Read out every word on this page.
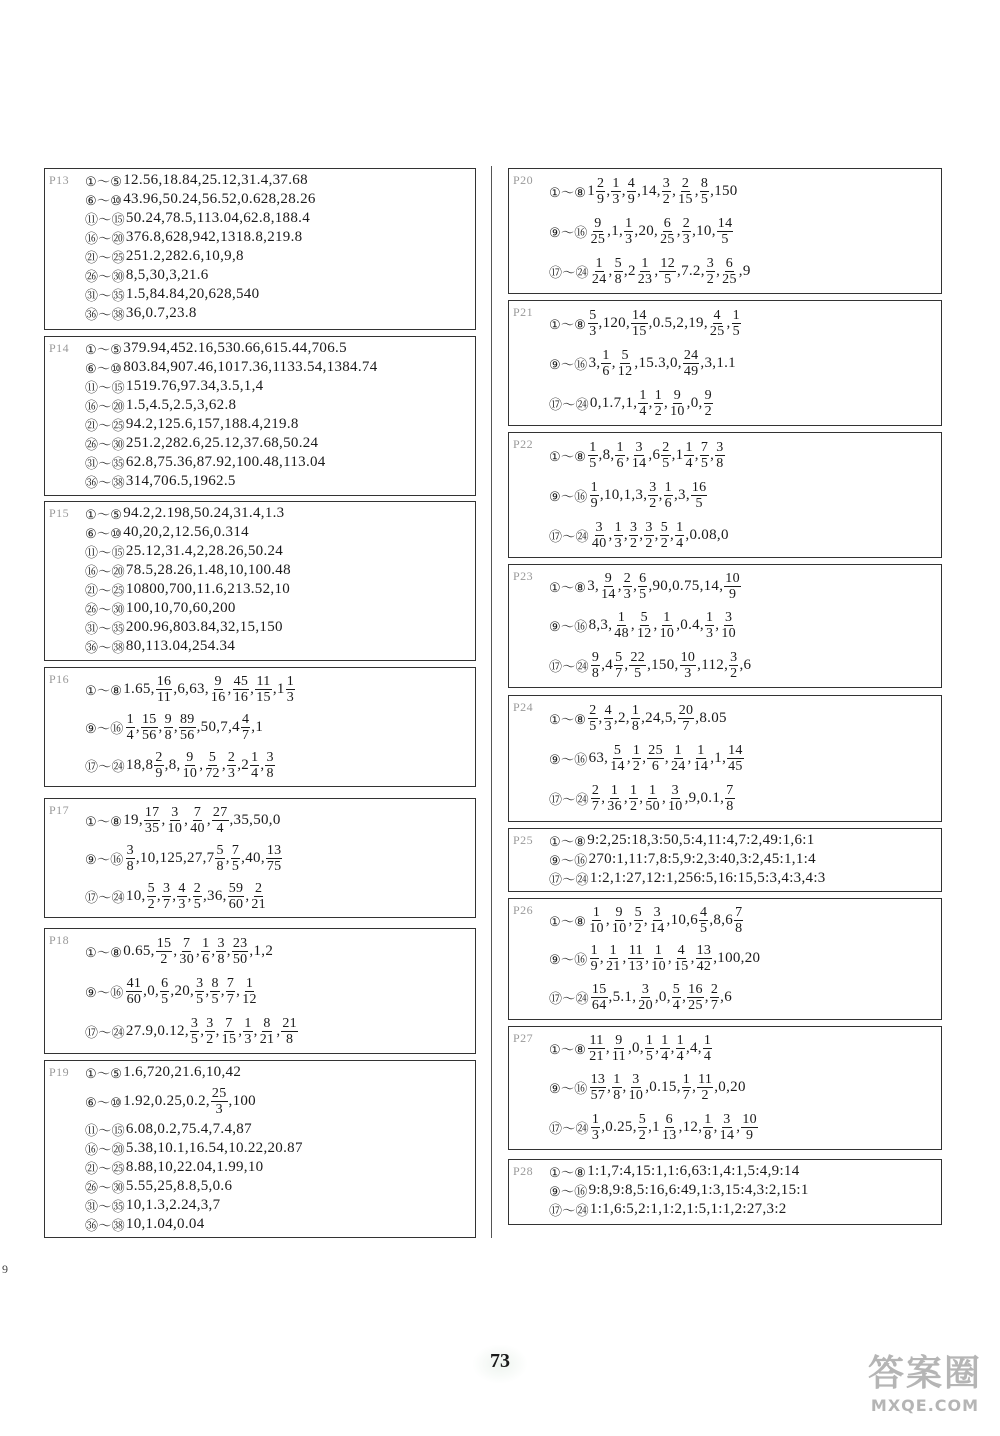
P13 ①～⑤ 12.56,18.84,25.12,31.4,37.68
⑥～⑩ 43.96,50.24,56.52,0.628,28.26
⑪～⑮ 50.24,78.5,113.04,62.8,188.4
⑯～⑳ 376.8,628,942,1318.8,219.8
㉑～㉕ 251.2,282.6,10,9,8
㉖～㉚ 8,5,30,3,21.6
㉛～㉟ 1.5,84.84,20,628,540
㊱～㊳ 36,0.7,23.8
P14 ①～⑤ 379.94,452.16,530.66,615.44,706.5
⑥～⑩ 803.84,907.46,1017.36,1133.54,1384.74
⑪～⑮ 1519.76,97.34,3.5,1,4
⑯～⑳ 1.5,4.5,2.5,3,62.8
㉑～㉕ 94.2,125.6,157,188.4,219.8
㉖～㉚ 251.2,282.6,25.12,37.68,50.24
㉛～㉟ 62.8,75.36,87.92,100.48,113.04
㊱～㊳ 314,706.5,1962.5
P15 ①～⑤ 94.2,2.198,50.24,31.4,1.3
⑥～⑩ 40,20,2,12.56,0.314
⑪～⑮ 25.12,31.4,2,28.26,50.24
⑯～⑳ 78.5,28.26,1.48,10,100.48
㉑～㉕ 10800,700,11.6,213.52,10
㉖～㉚ 100,10,70,60,200
㉛～㉟ 200.96,803.84,32,15,150
㊱～㊳ 80,113.04,254.34
P16
①～⑧ 1.65, $\frac{16}{11} ,6,63$, $\frac{9}{16}$ , $\frac{45}{16}$ , $\frac{11}{15} ,1 \frac{1}{3}$
⑨～⑯ $\frac{1}{4}$ , $\frac{15}{56}$ , $\frac{9}{8}$ , $\frac{89}{56} ,50,7,4 \frac{4}{7} ,1$
⑰～㉔ $18,8 \frac{2}{9} ,8$, $\frac{9}{10}$ , $\frac{5}{72}$ , $\frac{2}{3} ,2 \frac{1}{4}$ , $\frac{3}{8}$
P17
①～⑧ 19, $\frac{17}{35}$ , $\frac{3}{10}$ , $\frac{7}{40}$ , $\frac{27}{4} ,35,50,0$
⑨～⑯ $\frac{3}{8} ,10,125,27,7 \frac{5}{8}$ , $\frac{7}{5} ,40$, $\frac{13}{75}$
⑰～㉔ 10, $\frac{5}{2}$ , $\frac{3}{7}$ , $\frac{4}{3}$ , $\frac{2}{5} ,36$, $\frac{59}{60}$ , $\frac{2}{21}$
P18
①～⑧ 0.65, $\frac{15}{2}$ , $\frac{7}{30}$ , $\frac{1}{6}$ , $\frac{3}{8}$ , $\frac{23}{50} ,1,2$
⑨～⑯ $\frac{41}{60} ,0$, $\frac{6}{5} ,20$, $\frac{3}{5}$ , $\frac{8}{5}$ , $\frac{7}{7}$ , $\frac{1}{12}$
⑰～㉔ 27.9,0.12, $\frac{3}{5}$ , $\frac{3}{2}$ , $\frac{7}{15}$ , $\frac{1}{3}$ , $\frac{8}{21}$ , $\frac{21}{8}$
P19 ①～⑤ 1.6,720,21.6,10,42
⑥～⑩ 1.92,0.25,0.2, $\frac{25}{3} ,100$
⑪～⑮ 6.08,0.2,75.4,7.4,87
⑯～⑳ 5.38,10.1,16.54,10.22,20.87
㉑～㉕ 8.88,10,22.04,1.99,10
㉖～㉚ 5.55,25,8.8,5,0.6
㉛～㉟ 10,1.3,2.24,3,7
㊱～㊳ 10,1.04,0.04
P20
①～⑧ $1 \frac{2}{9}$ , $\frac{1}{3}$ , $\frac{4}{9} ,14$, $\frac{3}{2}$ , $\frac{2}{15}$ , $\frac{8}{5} ,150$
⑨～⑯ $\frac{9}{25} ,1$, $\frac{1}{3} ,20$, $\frac{6}{25}$ , $\frac{2}{3} ,10$, $\frac{14}{5}$
⑰～㉔ $\frac{1}{24}$ , $\frac{5}{8} ,2 \frac{1}{23}$ , $\frac{12}{5} ,7.2$, $\frac{3}{2}$ , $\frac{6}{25} ,9$
P21
①～⑧ $\frac{5}{3} ,120$, $\frac{14}{15} ,0.5,2,19$, $\frac{4}{25}$ , $\frac{1}{5}$
⑨～⑯ 3, $\frac{1}{6}$ , $\frac{5}{12} ,15.3,0$, $\frac{24}{49} ,3,1.1$
⑰～㉔ 0,1.7,1, $\frac{1}{4}$ , $\frac{1}{2}$ , $\frac{9}{10} ,0$, $\frac{9}{2}$
P22
①～⑧ $\frac{1}{5} ,8$, $\frac{1}{6}$ , $\frac{3}{14} ,6 \frac{2}{5} ,1 \frac{1}{4}$ , $\frac{7}{5}$ , $\frac{3}{8}$
⑨～⑯ $\frac{1}{9} ,10,1,3$, $\frac{3}{2}$ , $\frac{1}{6} ,3$, $\frac{16}{5}$
⑰～㉔ $\frac{3}{40}$ , $\frac{1}{3}$ , $\frac{3}{2}$ , $\frac{3}{2}$ , $\frac{5}{2}$ , $\frac{1}{4} ,0.08,0$
P23
①～⑧ 3, $\frac{9}{14}$ , $\frac{2}{3}$ , $\frac{6}{5} ,90,0.75,14$, $\frac{10}{9}$
⑨～⑯ 8,3, $\frac{1}{48}$ , $\frac{5}{12}$ , $\frac{1}{10} ,0.4$, $\frac{1}{3}$ , $\frac{3}{10}$
⑰～㉔ $\frac{9}{8} ,4 \frac{5}{7}$ , $\frac{22}{5} ,150$, $\frac{10}{3} ,112$, $\frac{3}{2} ,6$
P24
①～⑧ $\frac{2}{5}$ , $\frac{4}{3} ,2$, $\frac{1}{8} ,24,5$, $\frac{20}{7} ,8.05$
⑨～⑯ 63, $\frac{5}{14}$ , $\frac{1}{2}$ , $\frac{25}{6}$ , $\frac{1}{24}$ , $\frac{1}{14} ,1$, $\frac{14}{45}$
⑰～㉔ $\frac{2}{7}$ , $\frac{1}{36}$ , $\frac{1}{2}$ , $\frac{1}{50}$ , $\frac{3}{10} ,9,0.1$, $\frac{7}{8}$
P25 ①～⑧ 9:2,25:18,3:50,5:4,11:4,7:2,49:1,6:1
⑨～⑯ 270:1,11:7,8:5,9:2,3:40,3:2,45:1,1:4
⑰～㉔ 1:2,1:27,12:1,256:5,16:15,5:3,4:3,4:3
P26
①～⑧ $\frac{1}{10}$ , $\frac{9}{10}$ , $\frac{5}{2}$ , $\frac{3}{14} ,10,6 \frac{4}{5} ,8,6 \frac{7}{8}$
⑨～⑯ $\frac{1}{9}$ , $\frac{1}{21}$ , $\frac{11}{13}$ , $\frac{1}{10}$ , $\frac{4}{15}$ , $\frac{13}{42} ,100,20$
⑰～㉔ $\frac{15}{64} ,5.1$, $\frac{3}{20} ,0$, $\frac{5}{4}$ , $\frac{16}{25}$ , $\frac{2}{7} ,6$
P27
①～⑧ $\frac{11}{21}$ , $\frac{9}{11} ,0$, $\frac{1}{5}$ , $\frac{1}{4}$ , $\frac{1}{4} ,4$, $\frac{1}{4}$
⑨～⑯ $\frac{13}{57}$ , $\frac{1}{8}$ , $\frac{3}{10} ,0.15$, $\frac{1}{7}$ , $\frac{11}{2} ,0,20$
⑰～㉔ $\frac{1}{3} ,0.25$, $\frac{5}{2} ,1 \frac{6}{13} ,12$, $\frac{1}{8}$ , $\frac{3}{14}$ , $\frac{10}{9}$
P28 ①～⑧ 1:1,7:4,15:1,1:6,63:1,4:1,5:4,9:14
⑨～⑯ 9:8,9:8,5:16,6:49,1:3,15:4,3:2,15:1
⑰～㉔ 1:1,6:5,2:1,1:2,1:5,1:1,2:27,3:2
73
9
答案圈
MXQE.COM
